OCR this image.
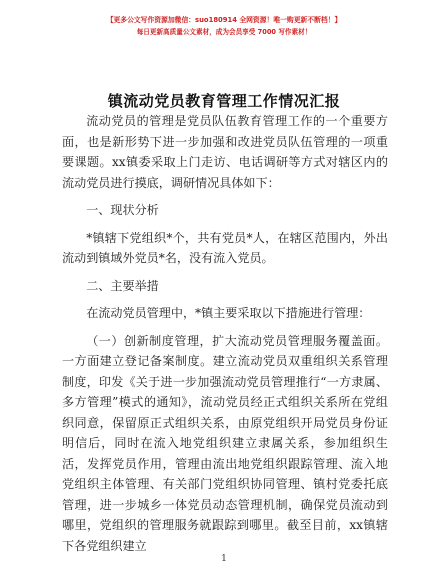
【更多公文写作资源加微信：suo180914 全网资源！唯一购更新不断档！】
每日更新高质量公文素材，成为会员享受 7000 写作素材！
镇流动党员教育管理工作情况汇报

流动党员的管理是党员队伍教育管理工作的一个重要方面，也是新形势下进一步加强和改进党员队伍管理的一项重要课题。xx镇委采取上门走访、电话调研等方式对辖区内的流动党员进行摸底，调研情况具体如下：

一、现状分析

*镇辖下党组织*个，共有党员*人，在辖区范围内，外出流动到镇域外党员*名，没有流入党员。

二、主要举措

在流动党员管理中，*镇主要采取以下措施进行管理：

（一）创新制度管理，扩大流动党员管理服务覆盖面。一方面建立登记备案制度。建立流动党员双重组织关系管理制度，印发《关于进一步加强流动党员管理推行“一方隶属、多方管理”模式的通知》，流动党员经正式组织关系所在党组织同意，保留原正式组织关系，由原党组织开局党员身份证明信后，同时在流入地党组织建立隶属关系，参加组织生活，发挥党员作用，管理由流出地党组织跟踪管理、流入地党组织主体管理、有关部门党组织协同管理、镇村党委托底管理，进一步城乡一体党员动态管理机制，确保党员流动到哪里，党组织的管理服务就跟踪到哪里。截至目前，xx镇辖下各党组织建立

1
